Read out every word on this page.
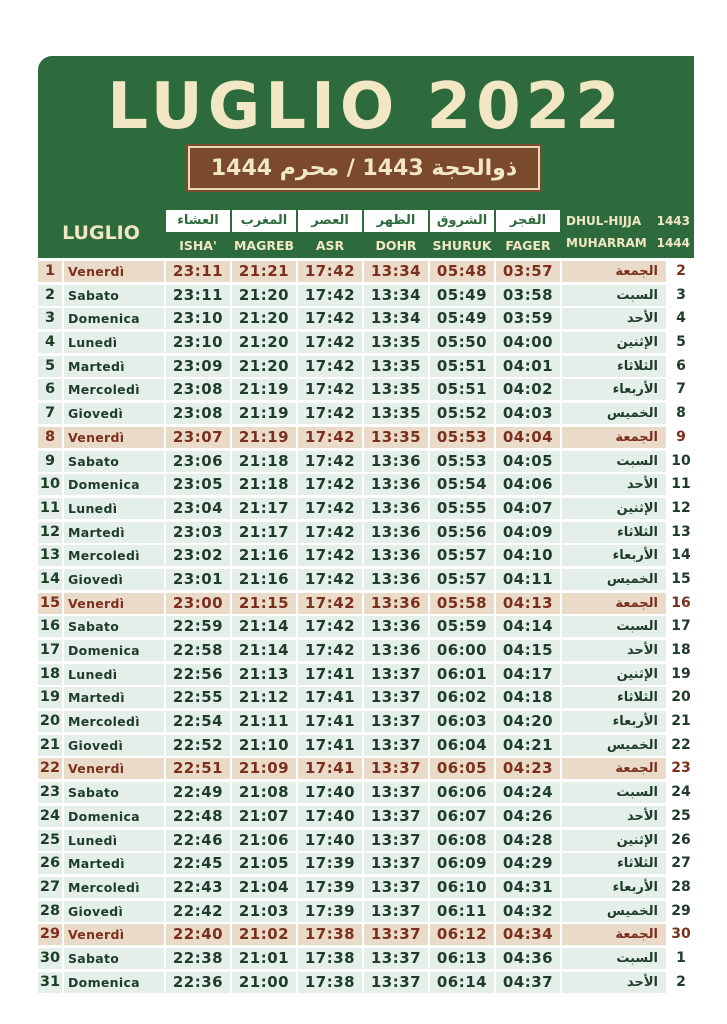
LUGLIO 2022
ذوالحجة 1443 / محرم 1444
LUGLIO
العشاء
ISHA'
المغرب
MAGREB
العصر
ASR
الظهر
DOHR
الشروق
SHURUK
الفجر
FAGER
DHUL-HIJJA 1443
MUHARRAM 1444
1	Venerdì	23:11	21:21	17:42	13:34	05:48	03:57	الجمعة	2
2	Sabato	23:11	21:20	17:42	13:34	05:49	03:58	السبت	3
3	Domenica	23:10	21:20	17:42	13:34	05:49	03:59	الأحد	4
4	Lunedì	23:10	21:20	17:42	13:35	05:50	04:00	الإثنين	5
5	Martedì	23:09	21:20	17:42	13:35	05:51	04:01	الثلاثاء	6
6	Mercoledì	23:08	21:19	17:42	13:35	05:51	04:02	الأربعاء	7
7	Giovedì	23:08	21:19	17:42	13:35	05:52	04:03	الخميس	8
8	Venerdì	23:07	21:19	17:42	13:35	05:53	04:04	الجمعة	9
9	Sabato	23:06	21:18	17:42	13:36	05:53	04:05	السبت 10
10 Domenica	23:05	21:18	17:42	13:36	05:54	04:06	الأحد 11
11 Lunedì	23:04	21:17	17:42	13:36	05:55	04:07	الإثنين 12
12 Martedì	23:03	21:17	17:42	13:36	05:56	04:09	الثلاثاء 13
13 Mercoledì	23:02	21:16	17:42	13:36	05:57	04:10	الأربعاء 14
14 Giovedì	23:01	21:16	17:42	13:36	05:57	04:11	الخميس 15
15 Venerdì	23:00	21:15	17:42	13:36	05:58	04:13	الجمعة 16
16 Sabato	22:59	21:14	17:42	13:36	05:59	04:14	السبت 17
17 Domenica	22:58	21:14	17:42	13:36	06:00	04:15	الأحد 18
18 Lunedì	22:56	21:13	17:41	13:37	06:01	04:17	الإثنين 19
19 Martedì	22:55	21:12	17:41	13:37	06:02	04:18	الثلاثاء 20
20 Mercoledì	22:54	21:11	17:41	13:37	06:03	04:20	الأربعاء 21
21 Giovedì	22:52	21:10	17:41	13:37	06:04	04:21	الخميس 22
22 Venerdì	22:51	21:09	17:41	13:37	06:05	04:23	الجمعة 23
23 Sabato	22:49	21:08	17:40	13:37	06:06	04:24	السبت 24
24 Domenica	22:48	21:07	17:40	13:37	06:07	04:26	الأحد 25
25 Lunedì	22:46	21:06	17:40	13:37	06:08	04:28	الإثنين 26
26 Martedì	22:45	21:05	17:39	13:37	06:09	04:29	الثلاثاء 27
27 Mercoledì	22:43	21:04	17:39	13:37	06:10	04:31	الأربعاء 28
28 Giovedì	22:42	21:03	17:39	13:37	06:11	04:32	الخميس 29
29 Venerdì	22:40	21:02	17:38	13:37	06:12	04:34	الجمعة 30
30 Sabato	22:38	21:01	17:38	13:37	06:13	04:36	السبت	1
31 Domenica	22:36	21:00	17:38	13:37	06:14	04:37	الأحد	2
